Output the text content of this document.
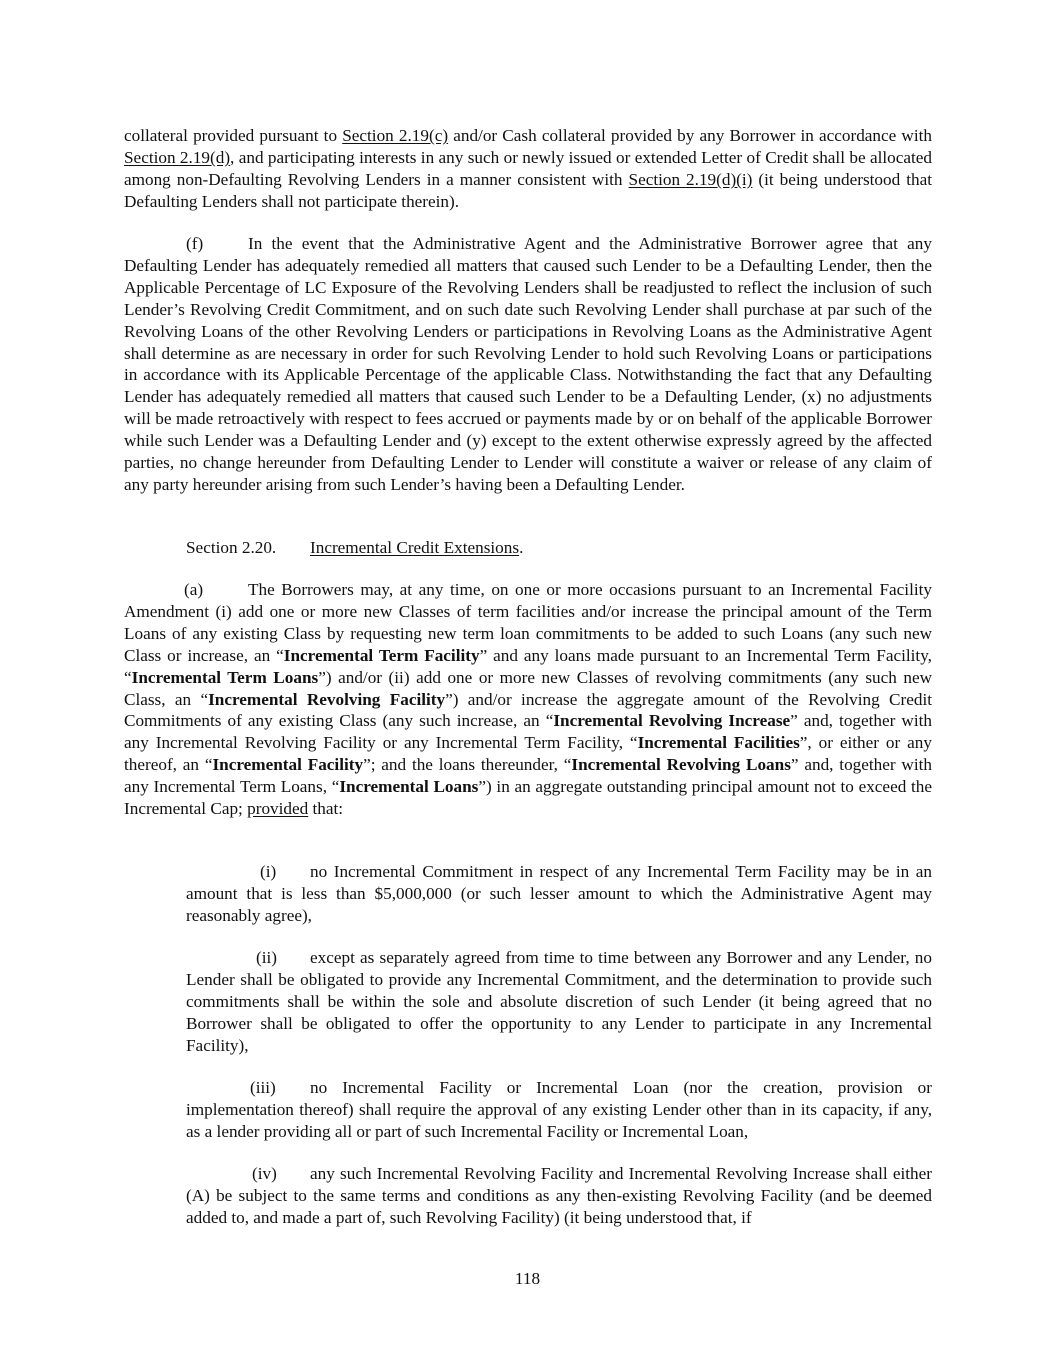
collateral provided pursuant to Section 2.19(c) and/or Cash collateral provided by any Borrower in accordance with Section 2.19(d), and participating interests in any such or newly issued or extended Letter of Credit shall be allocated among non-Defaulting Revolving Lenders in a manner consistent with Section 2.19(d)(i) (it being understood that Defaulting Lenders shall not participate therein).

(f)	In the event that the Administrative Agent and the Administrative Borrower agree that any Defaulting Lender has adequately remedied all matters that caused such Lender to be a Defaulting Lender, then the Applicable Percentage of LC Exposure of the Revolving Lenders shall be readjusted to reflect the inclusion of such Lender’s Revolving Credit Commitment, and on such date such Revolving Lender shall purchase at par such of the Revolving Loans of the other Revolving Lenders or participations in Revolving Loans as the Administrative Agent shall determine as are necessary in order for such Revolving Lender to hold such Revolving Loans or participations in accordance with its Applicable Percentage of the applicable Class. Notwithstanding the fact that any Defaulting Lender has adequately remedied all matters that caused such Lender to be a Defaulting Lender, (x) no adjustments will be made retroactively with respect to fees accrued or payments made by or on behalf of the applicable Borrower while such Lender was a Defaulting Lender and (y) except to the extent otherwise expressly agreed by the affected parties, no change hereunder from Defaulting Lender to Lender will constitute a waiver or release of any claim of any party hereunder arising from such Lender’s having been a Defaulting Lender.

Section 2.20. Incremental Credit Extensions.

(a)	The Borrowers may, at any time, on one or more occasions pursuant to an Incremental Facility Amendment (i) add one or more new Classes of term facilities and/or increase the principal amount of the Term Loans of any existing Class by requesting new term loan commitments to be added to such Loans (any such new Class or increase, an “Incremental Term Facility” and any loans made pursuant to an Incremental Term Facility, “Incremental Term Loans”) and/or (ii) add one or more new Classes of revolving commitments (any such new Class, an “Incremental Revolving Facility”) and/or increase the aggregate amount of the Revolving Credit Commitments of any existing Class (any such increase, an “Incremental Revolving Increase” and, together with any Incremental Revolving Facility or any Incremental Term Facility, “Incremental Facilities”, or either or any thereof, an “Incremental Facility”; and the loans thereunder, “Incremental Revolving Loans” and, together with any Incremental Term Loans, “Incremental Loans”) in an aggregate outstanding principal amount not to exceed the Incremental Cap; provided that:

(i) no Incremental Commitment in respect of any Incremental Term Facility may be in an amount that is less than $5,000,000 (or such lesser amount to which the Administrative Agent may reasonably agree),

(ii) except as separately agreed from time to time between any Borrower and any Lender, no Lender shall be obligated to provide any Incremental Commitment, and the determination to provide such commitments shall be within the sole and absolute discretion of such Lender (it being agreed that no Borrower shall be obligated to offer the opportunity to any Lender to participate in any Incremental Facility),

(iii) no Incremental Facility or Incremental Loan (nor the creation, provision or implementation thereof) shall require the approval of any existing Lender other than in its capacity, if any, as a lender providing all or part of such Incremental Facility or Incremental Loan,

(iv) any such Incremental Revolving Facility and Incremental Revolving Increase shall either (A) be subject to the same terms and conditions as any then-existing Revolving Facility (and be deemed added to, and made a part of, such Revolving Facility) (it being understood that, if

118
